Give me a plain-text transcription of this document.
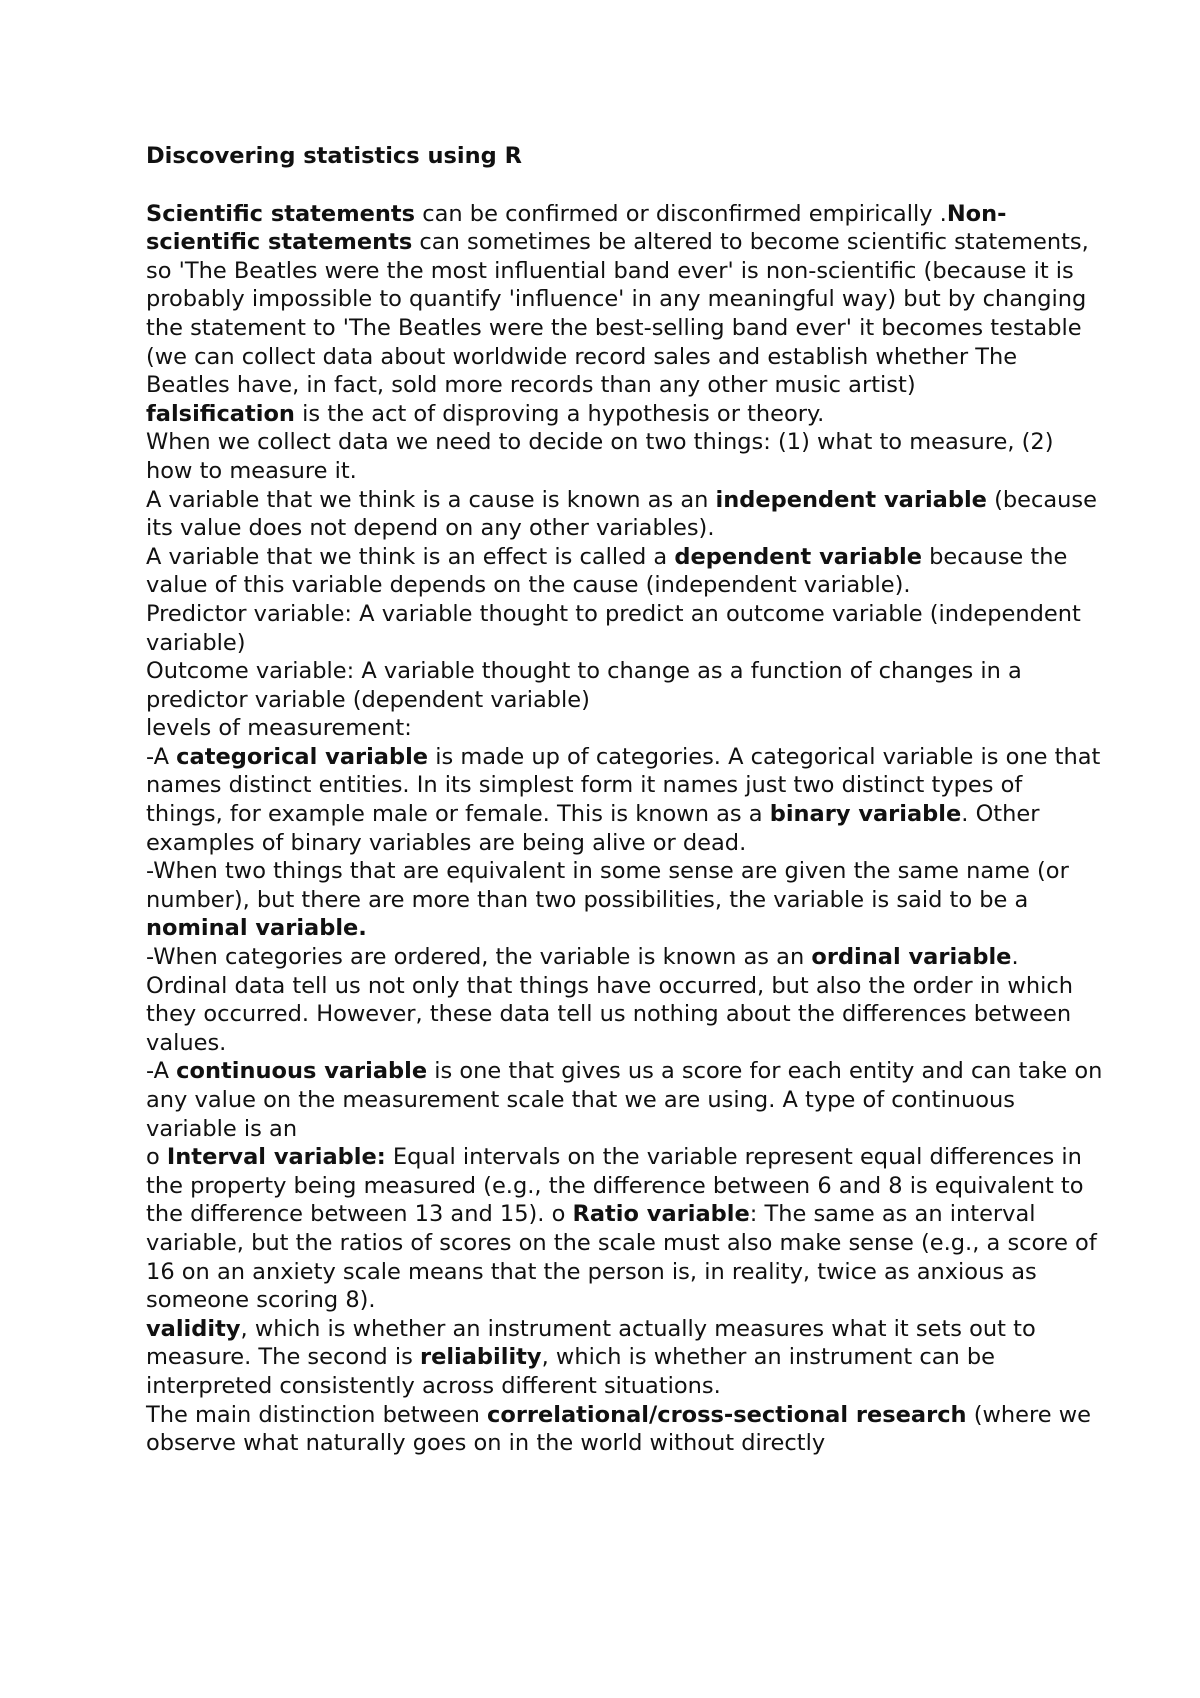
Discovering statistics using R

Scientific statements can be confirmed or disconfirmed empirically .Non-scientific statements can sometimes be altered to become scientific statements, so 'The Beatles were the most influential band ever' is non-scientific (because it is probably impossible to quantify 'influence' in any meaningful way) but by changing the statement to 'The Beatles were the best-selling band ever' it becomes testable (we can collect data about worldwide record sales and establish whether The Beatles have, in fact, sold more records than any other music artist)

falsification is the act of disproving a hypothesis or theory.

When we collect data we need to decide on two things: (1) what to measure, (2) how to measure it.

A variable that we think is a cause is known as an independent variable (because its value does not depend on any other variables).

A variable that we think is an effect is called a dependent variable because the value of this variable depends on the cause (independent variable).

Predictor variable: A variable thought to predict an outcome variable (independent variable)

Outcome variable: A variable thought to change as a function of changes in a predictor variable (dependent variable)

levels of measurement:

-A categorical variable is made up of categories. A categorical variable is one that names distinct entities. In its simplest form it names just two distinct types of things, for example male or female. This is known as a binary variable. Other examples of binary variables are being alive or dead.

-When two things that are equivalent in some sense are given the same name (or number), but there are more than two possibilities, the variable is said to be a nominal variable.

-When categories are ordered, the variable is known as an ordinal variable. Ordinal data tell us not only that things have occurred, but also the order in which they occurred. However, these data tell us nothing about the differences between values.

-A continuous variable is one that gives us a score for each entity and can take on any value on the measurement scale that we are using. A type of continuous variable is an

o Interval variable: Equal intervals on the variable represent equal differences in the property being measured (e.g., the difference between 6 and 8 is equivalent to the difference between 13 and 15). o Ratio variable: The same as an interval variable, but the ratios of scores on the scale must also make sense (e.g., a score of 16 on an anxiety scale means that the person is, in reality, twice as anxious as someone scoring 8).

validity, which is whether an instrument actually measures what it sets out to measure. The second is reliability, which is whether an instrument can be interpreted consistently across different situations.

The main distinction between correlational/cross-sectional research (where we observe what naturally goes on in the world without directly
